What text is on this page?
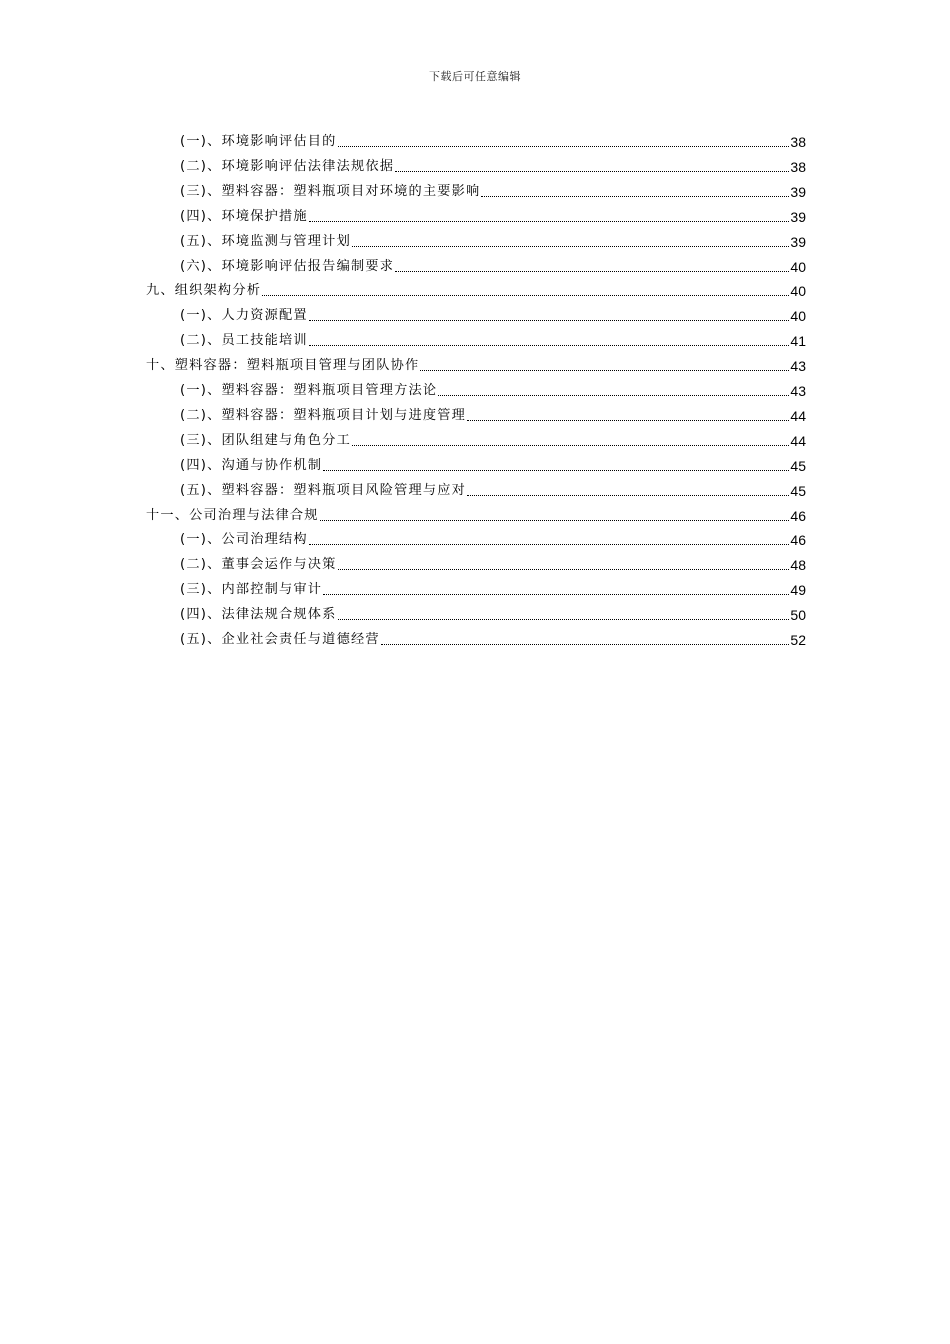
下载后可任意编辑
(一)、环境影响评估目的	38
(二)、环境影响评估法律法规依据	38
(三)、塑料容器：塑料瓶项目对环境的主要影响	39
(四)、环境保护措施	39
(五)、环境监测与管理计划	39
(六)、环境影响评估报告编制要求	40
九、组织架构分析	40
(一)、人力资源配置	40
(二)、员工技能培训	41
十、塑料容器：塑料瓶项目管理与团队协作	43
(一)、塑料容器：塑料瓶项目管理方法论	43
(二)、塑料容器：塑料瓶项目计划与进度管理	44
(三)、团队组建与角色分工	44
(四)、沟通与协作机制	45
(五)、塑料容器：塑料瓶项目风险管理与应对	45
十一、公司治理与法律合规	46
(一)、公司治理结构	46
(二)、董事会运作与决策	48
(三)、内部控制与审计	49
(四)、法律法规合规体系	50
(五)、企业社会责任与道德经营	52
